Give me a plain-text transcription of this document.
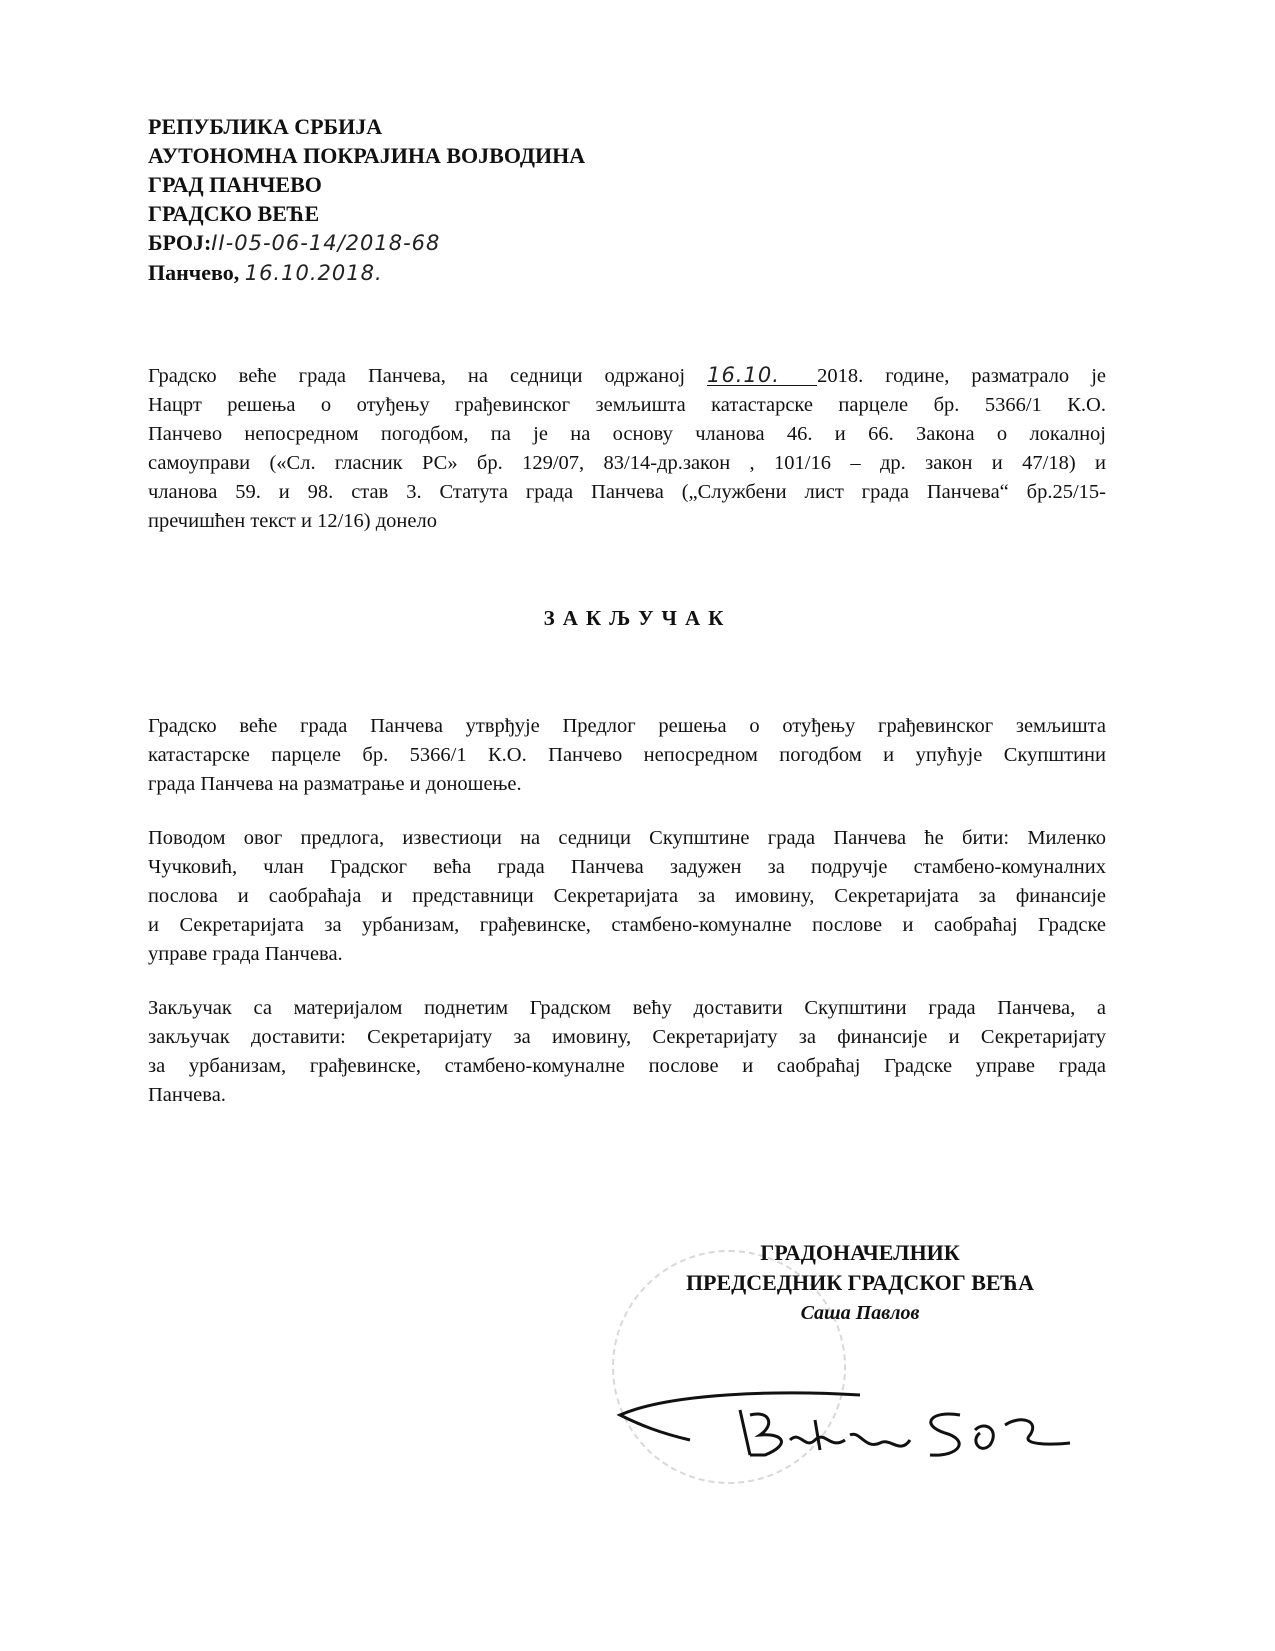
РЕПУБЛИКА СРБИЈА
АУТОНОМНА ПОКРАЈИНА ВОЈВОДИНА
ГРАД ПАНЧЕВО
ГРАДСКО ВЕЋЕ
БРОЈ:II-05-06-14/2018-68
Панчево, 16.10.2018.
Градско веће града Панчева, на седници одржаној 16.10. 2018. године, разматрало је
Нацрт решења о отуђењу грађевинског земљишта катастарске парцеле бр. 5366/1 К.О.
Панчево непосредном погодбом, па је на основу чланова 46. и 66. Закона о локалној
самоуправи («Сл. гласник РС» бр. 129/07, 83/14-др.закон , 101/16 – др. закон и 47/18) и
чланова 59. и 98. став 3. Статута града Панчева („Службени лист града Панчева“ бр.25/15-
пречишћен текст и 12/16) донело
ЗАКЉУЧАК
Градско веће града Панчева утврђује Предлог решења о отуђењу грађевинског земљишта
катастарске парцеле бр. 5366/1 К.О. Панчево непосредном погодбом и упућује Скупштини
града Панчева на разматрање и доношење.
Поводом овог предлога, известиоци на седници Скупштине града Панчева ће бити: Миленко
Чучковић, члан Градског већа града Панчева задужен за подручје стамбено-комуналних
послова и саобраћаја и представници Секретаријата за имовину, Секретаријата за финансије
и Секретаријата за урбанизам, грађевинске, стамбено-комуналне послове и саобраћај Градске
управе града Панчева.
Закључак са материјалом поднетим Градском већу доставити Скупштини града Панчева, а
закључак доставити: Секретаријату за имовину, Секретаријату за финансије и Секретаријату
за урбанизам, грађевинске, стамбено-комуналне послове и саобраћај Градске управе града
Панчева.
ГРАДОНАЧЕЛНИК
ПРЕДСЕДНИК ГРАДСКОГ ВЕЋА
Саша Павлов
